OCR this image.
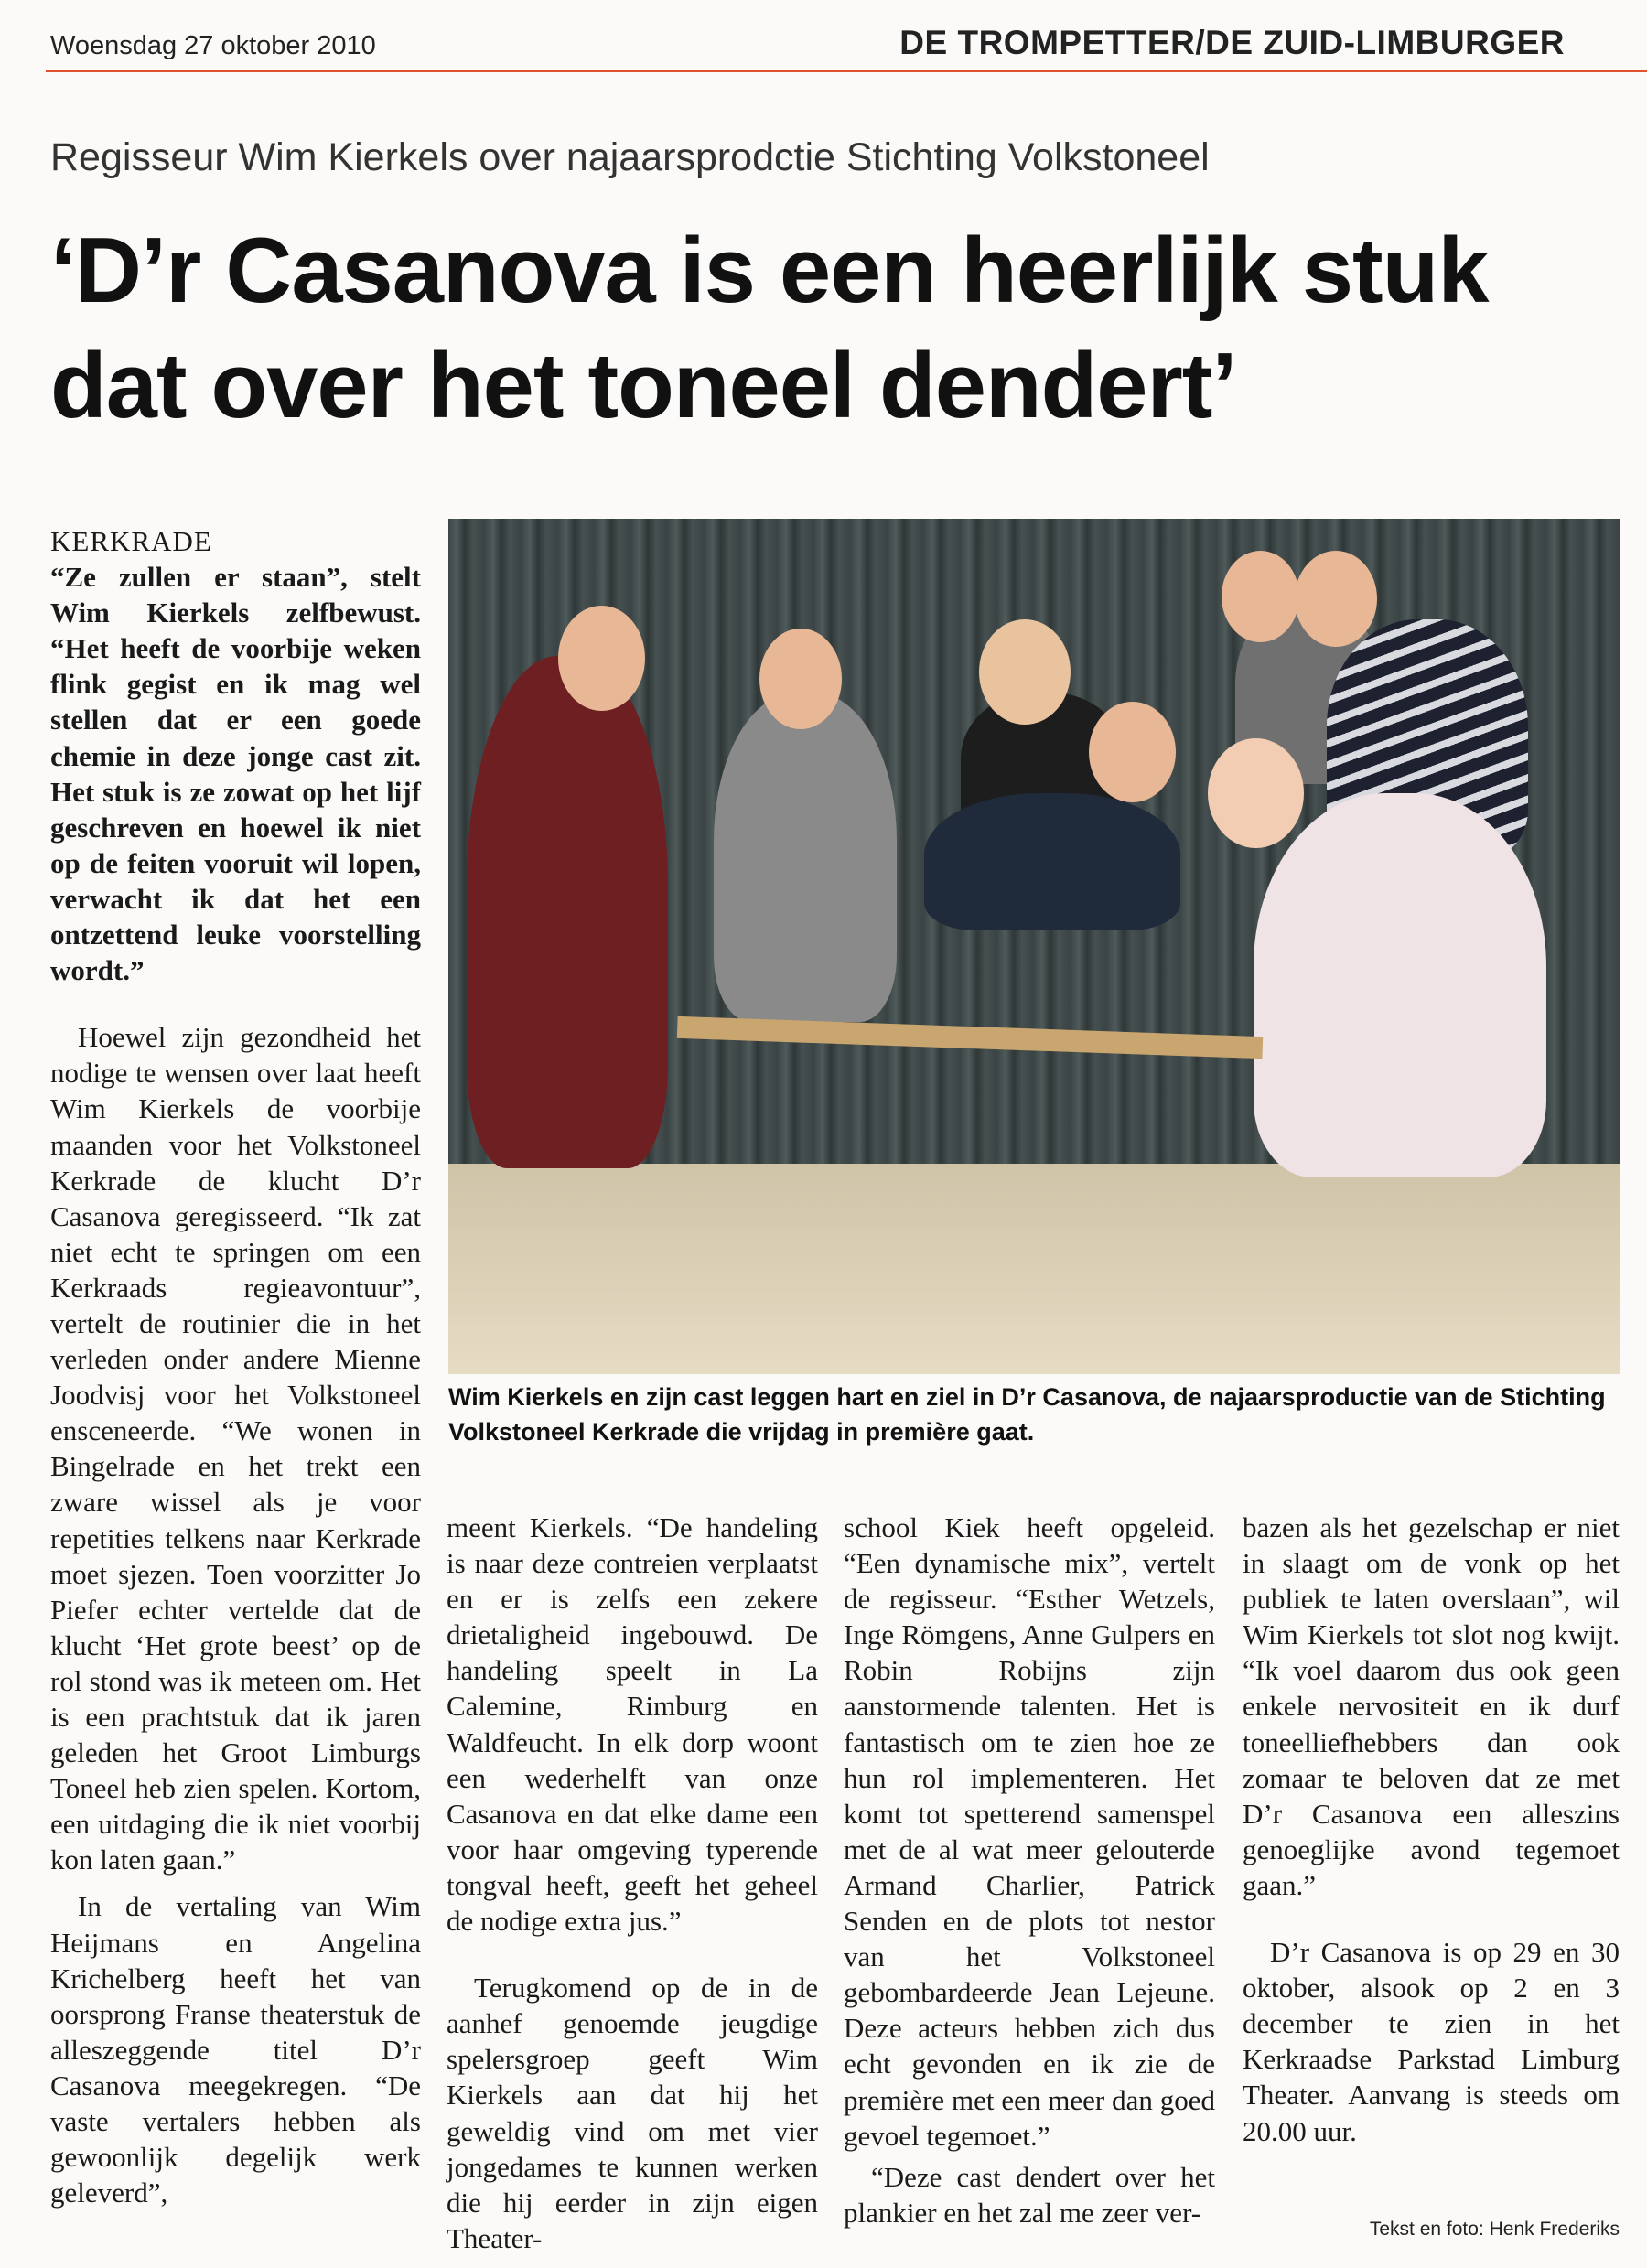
Woensdag 27 oktober 2010	DE TROMPETTER/DE ZUID-LIMBURGER
Regisseur Wim Kierkels over najaarsprodctie Stichting Volkstoneel
‘D’r Casanova is een heerlijk stuk
dat over het toneel dendert’
Wim Kierkels en zijn cast leggen hart en ziel in D’r Casanova, de najaarsproductie van de Stichting Volkstoneel Kerkrade die vrijdag in première gaat.

KERKRADE

“Ze zullen er staan”, stelt Wim Kierkels zelfbewust. “Het heeft de voorbije weken flink gegist en ik mag wel stellen dat er een goede chemie in deze jonge cast zit. Het stuk is ze zowat op het lijf geschreven en hoewel ik niet op de feiten vooruit wil lopen, verwacht ik dat het een ontzettend leuke voorstelling wordt.”

Hoewel zijn gezondheid het nodige te wensen over laat heeft Wim Kierkels de voorbije maanden voor het Volkstoneel Kerkrade de klucht D’r Casanova geregisseerd. “Ik zat niet echt te springen om een Kerkraads regieavontuur”, vertelt de routinier die in het verleden onder andere Mienne Joodvisj voor het Volkstoneel ensceneerde. “We wonen in Bingelrade en het trekt een zware wissel als je voor repetities telkens naar Kerkrade moet sjezen. Toen voorzitter Jo Piefer echter vertelde dat de klucht ‘Het grote beest’ op de rol stond was ik meteen om. Het is een prachtstuk dat ik jaren geleden het Groot Limburgs Toneel heb zien spelen. Kortom, een uitdaging die ik niet voorbij kon laten gaan.”

In de vertaling van Wim Heijmans en Angelina Krichelberg heeft het van oorsprong Franse theaterstuk de alleszeggende titel D’r Casanova meegekregen. “De vaste vertalers hebben als gewoonlijk degelijk werk geleverd”,

meent Kierkels. “De handeling is naar deze contreien verplaatst en er is zelfs een zekere drietaligheid ingebouwd. De handeling speelt in La Calemine, Rimburg en Waldfeucht. In elk dorp woont een wederhelft van onze Casanova en dat elke dame een voor haar omgeving typerende tongval heeft, geeft het geheel de nodige extra jus.”

Terugkomend op de in de aanhef genoemde jeugdige spelersgroep geeft Wim Kierkels aan dat hij het geweldig vind om met vier jongedames te kunnen werken die hij eerder in zijn eigen Theater-

school Kiek heeft opgeleid. “Een dynamische mix”, vertelt de regisseur. “Esther Wetzels, Inge Römgens, Anne Gulpers en Robin Robijns zijn aanstormende talenten. Het is fantastisch om te zien hoe ze hun rol implementeren. Het komt tot spetterend samenspel met de al wat meer gelouterde Armand Charlier, Patrick Senden en de plots tot nestor van het Volkstoneel gebombardeerde Jean Lejeune. Deze acteurs hebben zich dus echt gevonden en ik zie de première met een meer dan goed gevoel tegemoet.”

“Deze cast dendert over het plankier en het zal me zeer ver-

bazen als het gezelschap er niet in slaagt om de vonk op het publiek te laten overslaan”, wil Wim Kierkels tot slot nog kwijt. “Ik voel daarom dus ook geen enkele nervositeit en ik durf toneelliefhebbers dan ook zomaar te beloven dat ze met D’r Casanova een alleszins genoeglijke avond tegemoet gaan.”

D’r Casanova is op 29 en 30 oktober, alsook op 2 en 3 december te zien in het Kerkraadse Parkstad Limburg Theater. Aanvang is steeds om 20.00 uur.

Tekst en foto: Henk Frederiks
